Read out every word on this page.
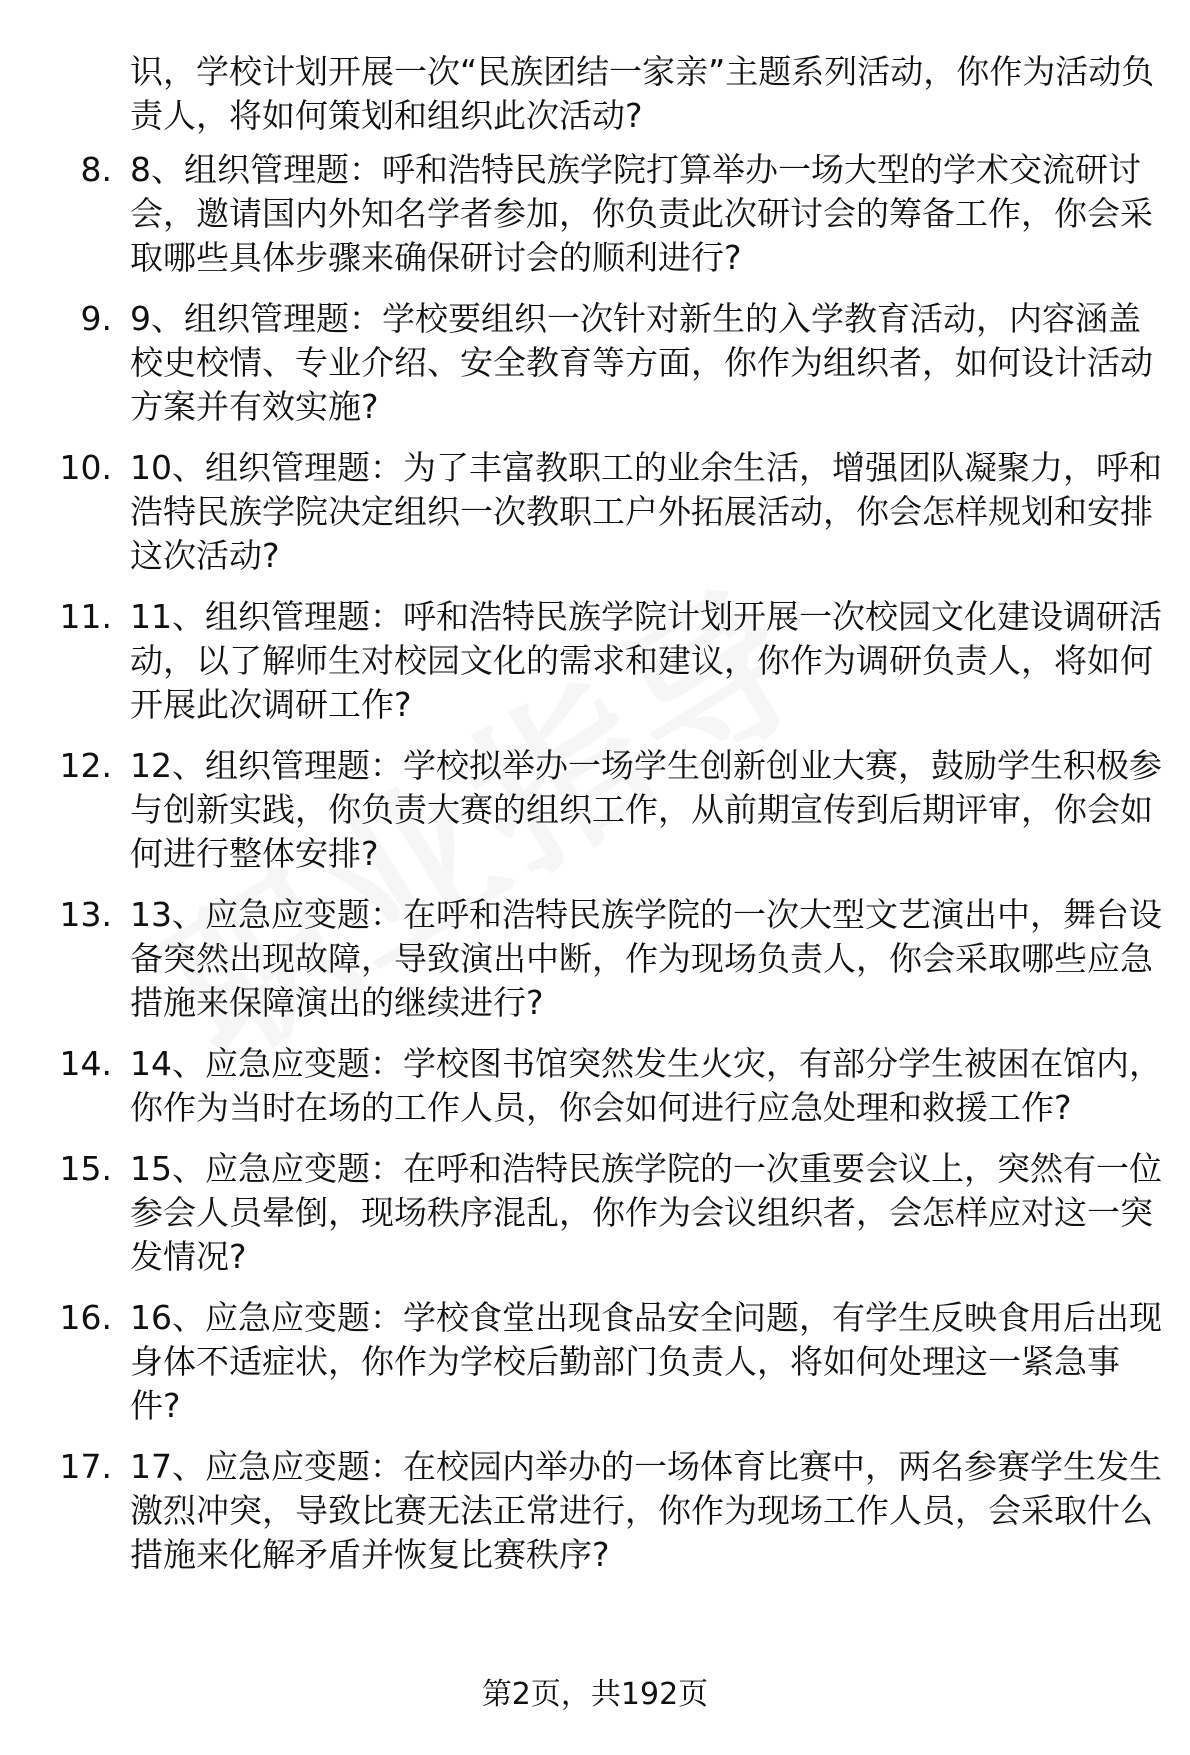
识，学校计划开展一次“民族团结一家亲”主题系列活动，你作为活动负责人，将如何策划和组织此次活动?
8. 8、组织管理题：呼和浩特民族学院打算举办一场大型的学术交流研讨会，邀请国内外知名学者参加，你负责此次研讨会的筹备工作，你会采取哪些具体步骤来确保研讨会的顺利进行?
9. 9、组织管理题：学校要组织一次针对新生的入学教育活动，内容涵盖校史校情、专业介绍、安全教育等方面，你作为组织者，如何设计活动方案并有效实施?
10. 10、组织管理题：为了丰富教职工的业余生活，增强团队凝聚力，呼和浩特民族学院决定组织一次教职工户外拓展活动，你会怎样规划和安排这次活动?
11. 11、组织管理题：呼和浩特民族学院计划开展一次校园文化建设调研活动，以了解师生对校园文化的需求和建议，你作为调研负责人，将如何开展此次调研工作?
12. 12、组织管理题：学校拟举办一场学生创新创业大赛，鼓励学生积极参与创新实践，你负责大赛的组织工作，从前期宣传到后期评审，你会如何进行整体安排?
13. 13、应急应变题：在呼和浩特民族学院的一次大型文艺演出中，舞台设备突然出现故障，导致演出中断，作为现场负责人，你会采取哪些应急措施来保障演出的继续进行?
14. 14、应急应变题：学校图书馆突然发生火灾，有部分学生被困在馆内，你作为当时在场的工作人员，你会如何进行应急处理和救援工作?
15. 15、应急应变题：在呼和浩特民族学院的一次重要会议上，突然有一位参会人员晕倒，现场秩序混乱，你作为会议组织者，会怎样应对这一突发情况?
16. 16、应急应变题：学校食堂出现食品安全问题，有学生反映食用后出现身体不适症状，你作为学校后勤部门负责人，将如何处理这一紧急事件?
17. 17、应急应变题：在校园内举办的一场体育比赛中，两名参赛学生发生激烈冲突，导致比赛无法正常进行，你作为现场工作人员，会采取什么措施来化解矛盾并恢复比赛秩序?
第2页，共192页
